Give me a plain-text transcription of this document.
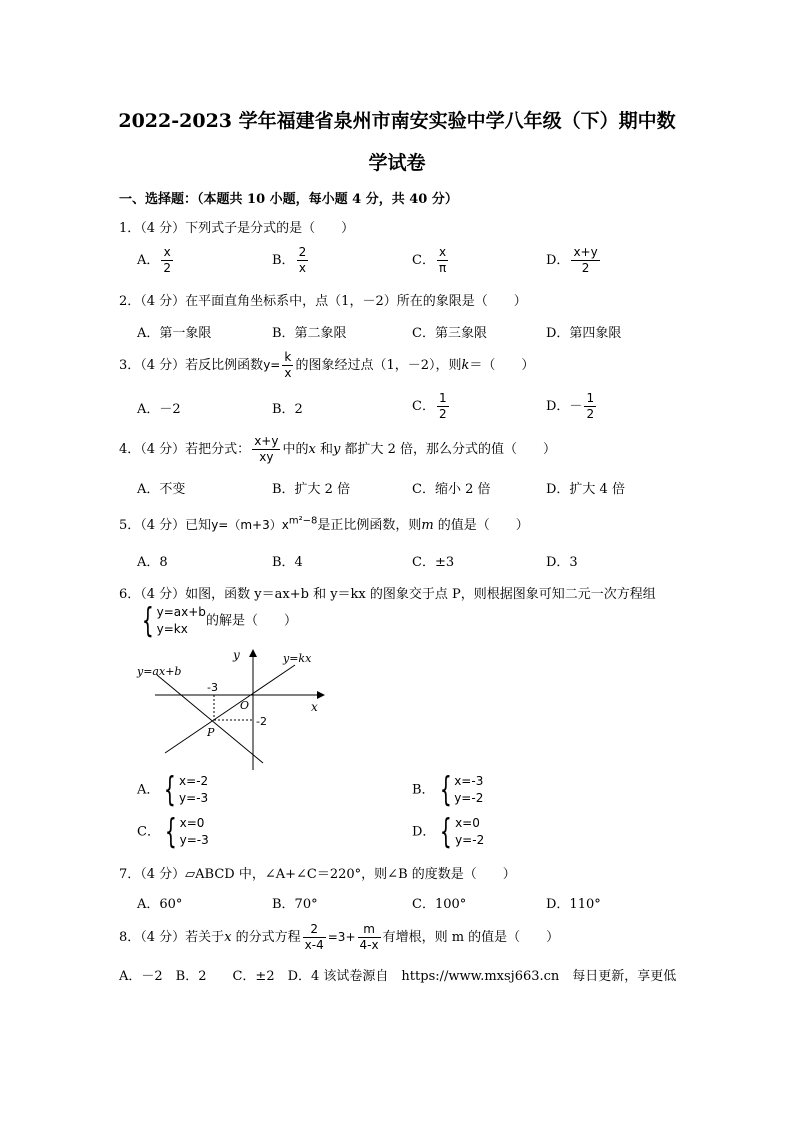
2022-2023 学年福建省泉州市南安实验中学八年级（下）期中数
学试卷
一、选择题：（本题共 10 小题，每小题 4 分，共 40 分）
1．（4 分）下列式子是分式的是（　　）
A． $\frac{x}{2}$	B． $\frac{2}{x}$	C． $\frac{x}{\pi}$	D． $\frac{x+y}{2}$
2．（4 分）在平面直角坐标系中，点（1，－2）所在的象限是（　　）
A．第一象限	B．第二象限	C．第三象限	D．第四象限
3．（4 分）若反比例函数$y= \frac{k}{x}$ 的图象经过点（1，－2），则k＝（　　）
A．－2	B．2	C． $\frac{1}{2}$	D．－ $\frac{1}{2}$
4．（4 分）若把分式： $\frac{x+y}{xy}$ 中的x 和y 都扩大 2 倍，那么分式的值（　　）
A．不变	B．扩大 2 倍	C．缩小 2 倍	D．扩大 4 倍
5．（4 分）已知$y=(m+3)x^{m^2-8}$是正比例函数，则m 的值是（　　）
A．8	B．4	C．±3	D．3
6．（4 分）如图，函数 y＝ax+b 和 y＝kx 的图象交于点 P，则根据图象可知二元一次方程组
{ y=ax+b
y=kx
的解是（　　）
y
x
O
P
-3
-2
y=ax+b
y=kx
A． { x=-2
y=-3
B． { x=-3
y=-2
C． { x=0
y=-3
D． { x=0
y=-2
7．（4 分）▱ABCD 中，∠A+∠C＝220°，则∠B 的度数是（　　）
A．60°	B．70°	C．100°	D．110°
8．（4 分）若关于x 的分式方程 $\frac{2}{x-4} =3+ \frac{m}{4-x}$ 有增根，则 m 的值是（　　）
A．－2　B．2　　C．±2　D．4 该试卷源自　https://www.mxsj663.cn　每日更新，享更低
